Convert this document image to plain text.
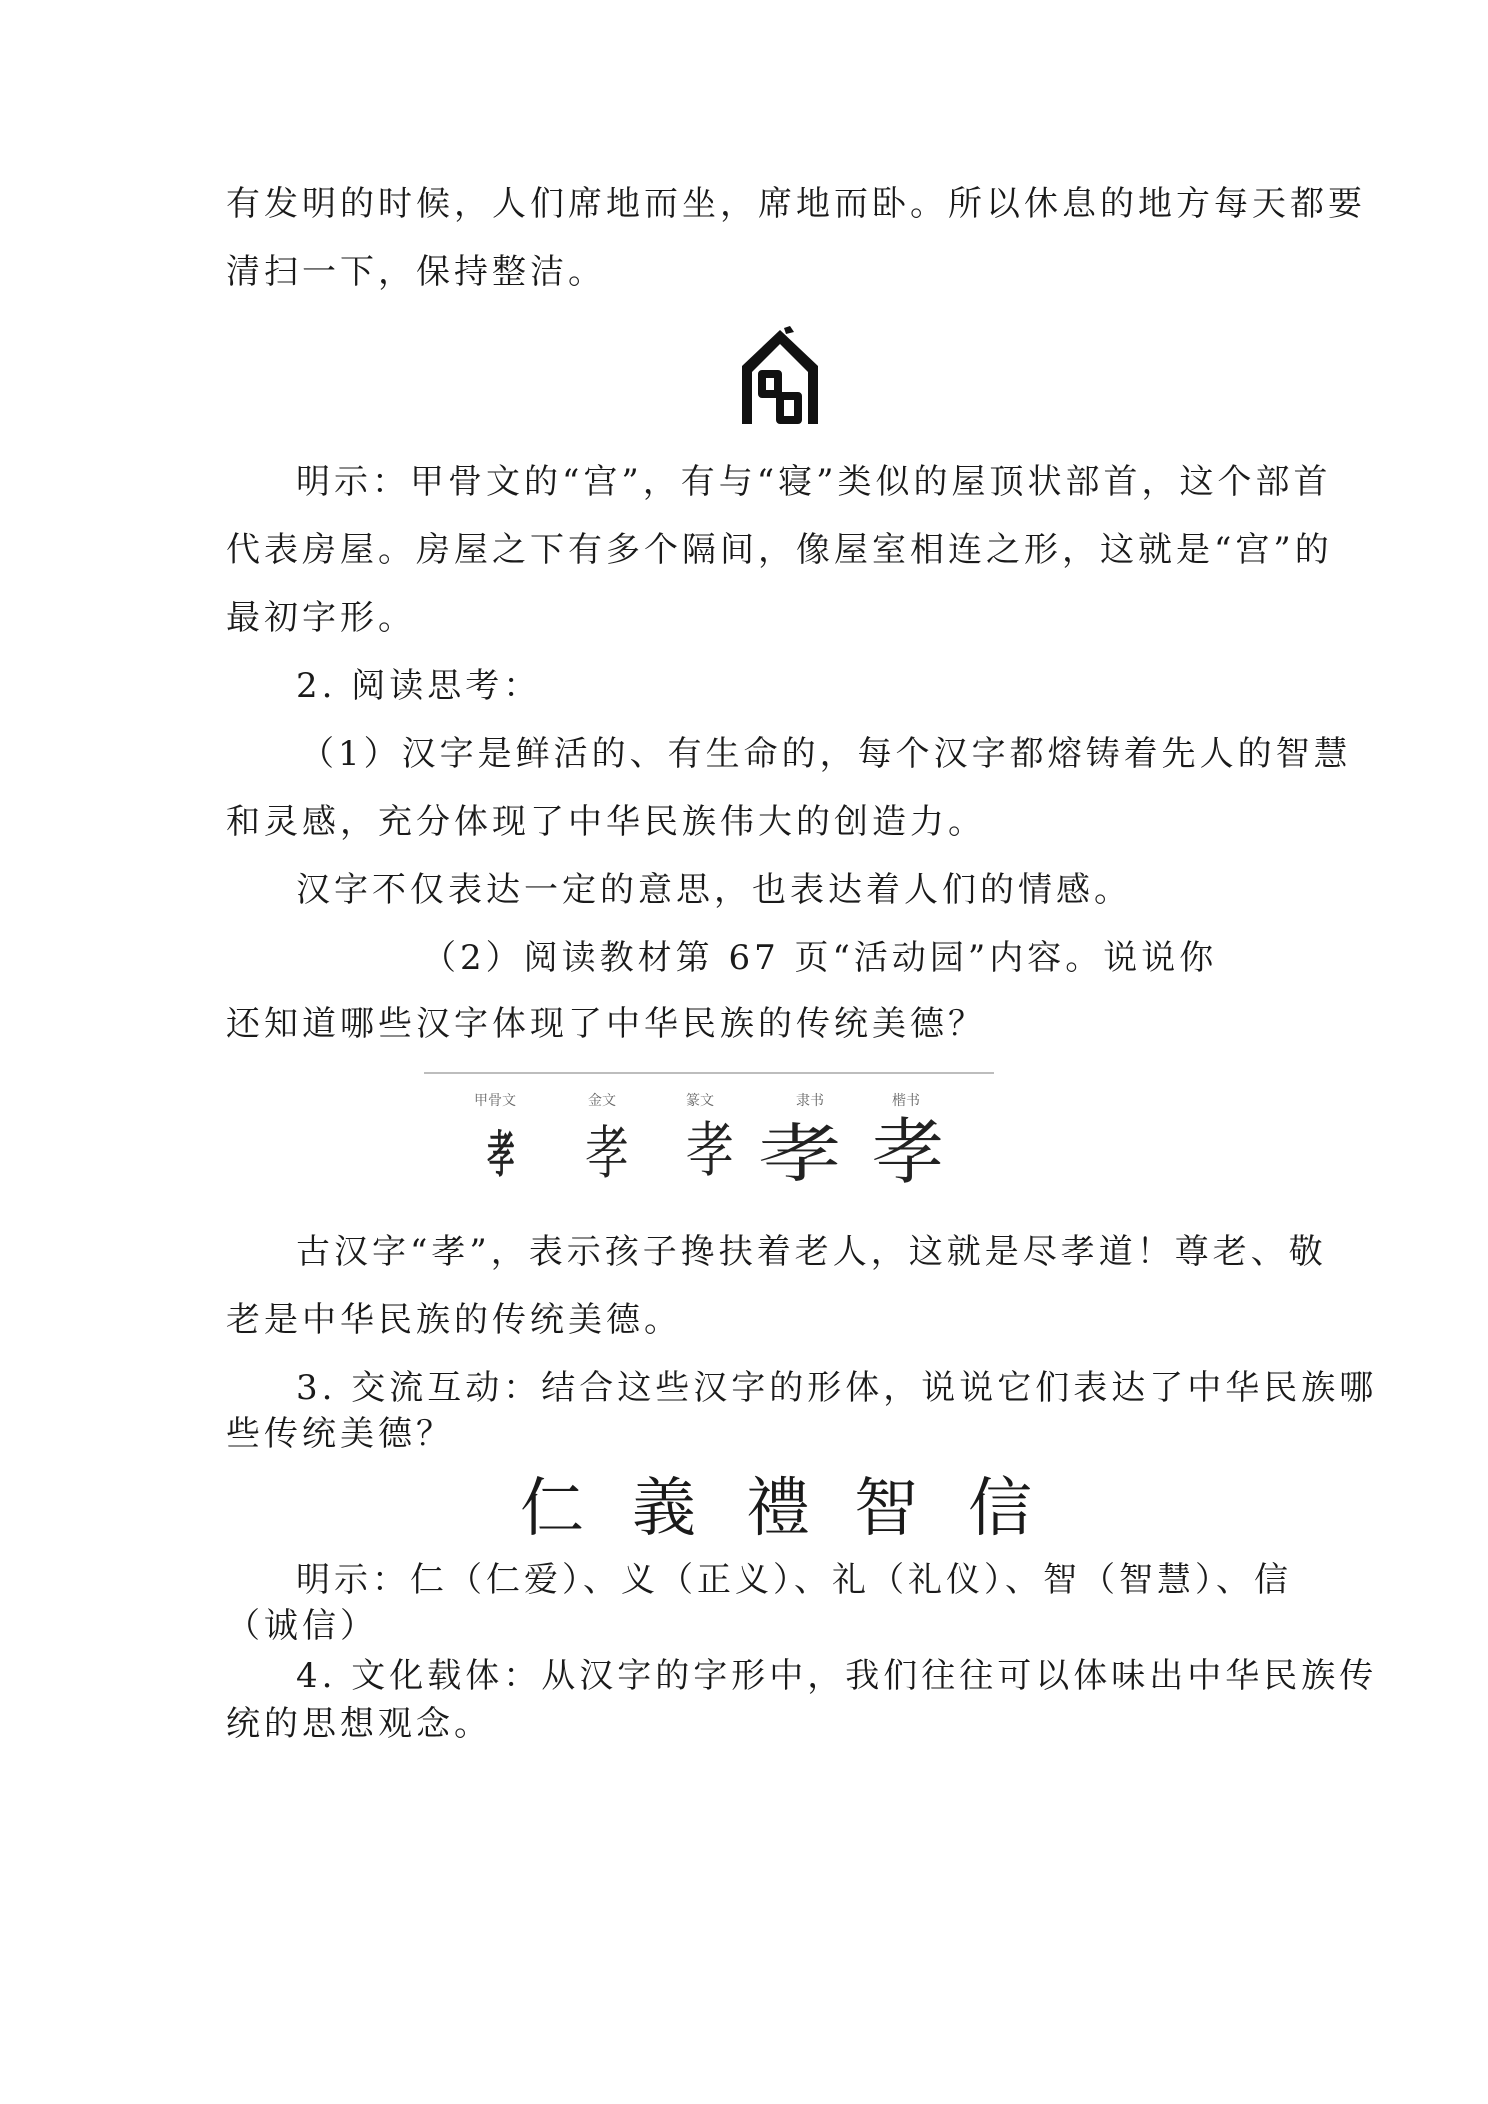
有发明的时候，人们席地而坐，席地而卧。所以休息的地方每天都要
清扫一下，保持整洁。
明示：甲骨文的“宫”，有与“寝”类似的屋顶状部首，这个部首
代表房屋。房屋之下有多个隔间，像屋室相连之形，这就是“宫”的
最初字形。
2. 阅读思考：
（1）汉字是鲜活的、有生命的，每个汉字都熔铸着先人的智慧
和灵感，充分体现了中华民族伟大的创造力。
汉字不仅表达一定的意思，也表达着人们的情感。
（2）阅读教材第 67 页“活动园”内容。说说你
还知道哪些汉字体现了中华民族的传统美德？
甲骨文	金文	篆文	隶书	楷书
孝 孝 孝 孝 孝
古汉字“孝”，表示孩子搀扶着老人，这就是尽孝道！尊老、敬
老是中华民族的传统美德。
3. 交流互动：结合这些汉字的形体，说说它们表达了中华民族哪
些传统美德？
仁 義 禮 智 信
明示：仁（仁爱）、义（正义）、礼（礼仪）、智（智慧）、信
（诚信）
4. 文化载体：从汉字的字形中，我们往往可以体味出中华民族传
统的思想观念。
